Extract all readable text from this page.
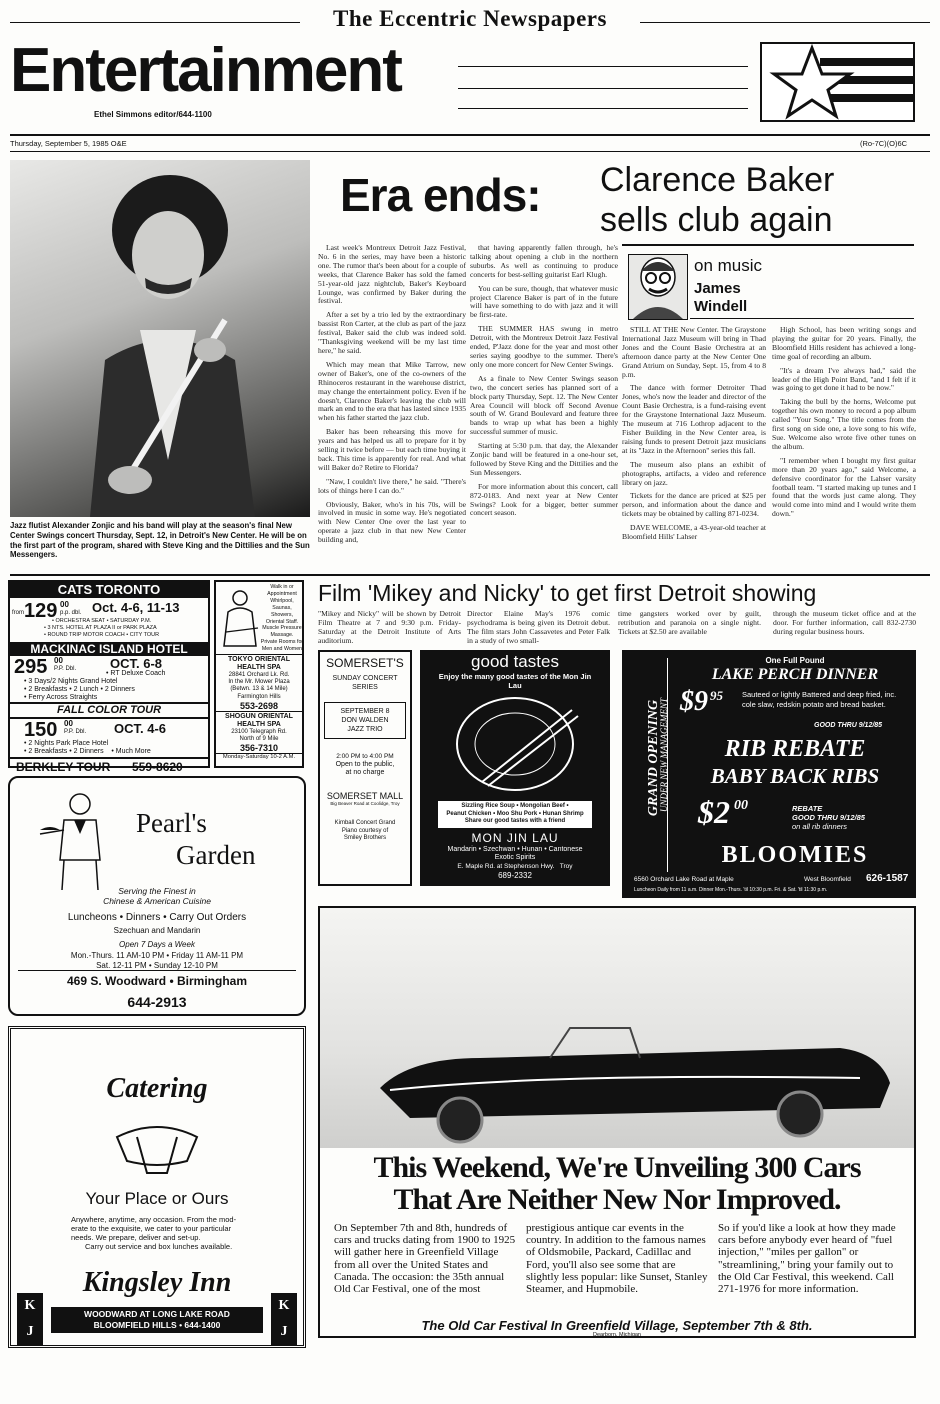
The Eccentric Newspapers
Entertainment
Ethel Simmons editor/644-1100
Thursday, September 5, 1985 O&E	(Ro-7C)(O)6C
Jazz flutist Alexander Zonjic and his band will play at the season's final New Center Swings concert Thursday, Sept. 12, in Detroit's New Center. He will be on the first part of the program, shared with Steve King and the Dittilies and the Sun Messengers.
Era ends: Clarence Baker sells club again

Last week's Montreux Detroit Jazz Festival, No. 6 in the series, may have been a historic one. The rumor that's been about for a couple of weeks, that Clarence Baker has sold the famed 51-year-old jazz nightclub, Baker's Keyboard Lounge, was confirmed by Baker during the festival.

After a set by a trio led by the extraordinary bassist Ron Carter, at the club as part of the jazz festival, Baker said the club was indeed sold. "Thanksgiving weekend will be my last time here," he said.

Which may mean that Mike Tarrow, new owner of Baker's, one of the co-owners of the Rhinoceros restaurant in the warehouse district, may change the entertainment policy. Even if he doesn't, Clarence Baker's leaving the club will mark an end to the era that has lasted since 1935 when his father started the jazz club.

Baker has been rehearsing this move for years and has helped us all to prepare for it by selling it twice before — but each time buying it back. This time is apparently for real. And what will Baker do? Retire to Florida?

"Naw, I couldn't live there," he said. "There's lots of things here I can do."

Obviously, Baker, who's in his 70s, will be involved in music in some way. He's negotiated with New Center One over the last year to operate a jazz club in that new New Center building and,

that having apparently fallen through, he's talking about opening a club in the northern suburbs. As well as continuing to produce concerts for best-selling guitarist Earl Klugh.

You can be sure, though, that whatever music project Clarence Baker is part of in the future will have something to do with jazz and it will be first-rate.

THE SUMMER HAS swung in metro Detroit, with the Montreux Detroit Jazz Festival ended, P'Jazz done for the year and most other series saying goodbye to the summer. There's only one more concert for New Center Swings.

As a finale to New Center Swings season two, the concert series has planned sort of a block party Thursday, Sept. 12. The New Center Area Council will block off Second Avenue south of W. Grand Boulevard and feature three bands to wrap up what has been a highly successful summer of music.

Starting at 5:30 p.m. that day, the Alexander Zonjic band will be featured in a one-hour set, followed by Steve King and the Dittilies and the Sun Messengers.

For more information about this concert, call 872-0183. And next year at New Center Swings? Look for a bigger, better summer concert season.

on music
James
Windell

STILL AT THE New Center. The Graystone International Jazz Museum will bring in Thad Jones and the Count Basie Orchestra at an afternoon dance party at the New Center One Grand Atrium on Sunday, Sept. 15, from 4 to 8 p.m.

The dance with former Detroiter Thad Jones, who's now the leader and director of the Count Basie Orchestra, is a fund-raising event for the Graystone International Jazz Museum. The museum at 716 Lothrop adjacent to the Fisher Building in the New Center area, is raising funds to present Detroit jazz musicians at its "Jazz in the Afternoon" series this fall.

The museum also plans an exhibit of photographs, artifacts, a video and reference library on jazz.

Tickets for the dance are priced at $25 per person, and information about the dance and tickets may be obtained by calling 871-0234.

DAVE WELCOME, a 43-year-old teacher at Bloomfield Hills' Lahser

High School, has been writing songs and playing the guitar for 20 years. Finally, the Bloomfield Hills resident has achieved a long-time goal of recording an album.

"It's a dream I've always had," said the leader of the High Point Band, "and I felt if it was going to get done it had to be now."

Taking the bull by the horns, Welcome put together his own money to record a pop album called "Your Song." The title comes from the first song on side one, a love song to his wife, Sue. Welcome also wrote five other tunes on the album.

"I remember when I bought my first guitar more than 20 years ago," said Welcome, a defensive coordinator for the Lahser varsity football team. "I started making up tunes and I found that the words just came along. They would come into mind and I would write them down."

CATS TORONTO
from 129 00
p.p. dbl. Oct. 4-6, 11-13
• ORCHESTRA SEAT • SATURDAY P.M.
• 3 NTS. HOTEL AT PLAZA II or PARK PLAZA
• ROUND TRIP MOTOR COACH • CITY TOUR
MACKINAC ISLAND HOTEL
295 00
P.P. Dbl.	OCT. 6-8
• RT Deluxe Coach
• 3 Days/2 Nights Grand Hotel
• 2 Breakfasts • 2 Lunch • 2 Dinners
• Ferry Across Straights
FALL COLOR TOUR
150 00
P.P. Dbl. OCT. 4-6
• 2 Nights Park Place Hotel
• 2 Breakfasts • 2 Dinners    • Much More
BERKLEY TOUR 559-8620
Walk in or
Appointment
Whirlpool, Saunas,
Showers,
Oriental Staff.
Muscle Pressure
Massage.
Private Rooms for
Men and Women
TOKYO ORIENTAL HEALTH SPA
28841 Orchard Lk. Rd.
In the Mr. Mower Plaza
(Betwn. 13 & 14 Mile)
Farmington Hills
553-2698
SHOGUN ORIENTAL HEALTH SPA
23100 Telegraph Rd.
North of 9 Mile
356-7310
Monday-Saturday 10-2 A.M.
Film 'Mikey and Nicky' to get first Detroit showing
"Mikey and Nicky" will be shown by Detroit Film Theatre at 7 and 9:30 p.m. Friday-Saturday at the Detroit Institute of Arts auditorium.
Director Elaine May's 1976 comic psychodrama is being given its Detroit debut. The film stars John Cassavetes and Peter Falk in a study of two small-
time gangsters worked over by guilt, retribution and paranoia on a single night. Tickets at $2.50 are available
through the museum ticket office and at the door. For further information, call 832-2730 during regular business hours.
SOMERSET'S
SUNDAY CONCERT
SERIES
SEPTEMBER 8
DON WALDEN
JAZZ TRIO
2:00 PM to 4:00 PM
Open to the public,
at no charge
SOMERSET MALL
Big Beaver Road at Coolidge, Troy
Kimball Concert Grand
Piano courtesy of
Smiley Brothers
good tastes
Enjoy the many good tastes of the Mon Jin Lau
Sizzling Rice Soup • Mongolian Beef •
Peanut Chicken • Moo Shu Pork • Hunan Shrimp
Share our good tastes with a friend
MON JIN LAU
Mandarin • Szechwan • Hunan • Cantonese
Exotic Spirits
E. Maple Rd. at Stephenson Hwy.   Troy
689-2332
GRAND OPENING
UNDER NEW MANAGEMENT
One Full Pound
LAKE PERCH DINNER
$9 95	Sauteed or lightly Battered and deep fried, inc. cole slaw, redskin potato and bread basket.
GOOD THRU 9/12/85
RIB REBATE
BABY BACK RIBS
$2 00	REBATE
GOOD THRU 9/12/85
on all rib dinners
BLOOMIES
6560 Orchard Lake Road at Maple	West Bloomfield 626-1587
Luncheon Daily from 11 a.m. Dinner Mon.-Thurs. 'til 10:30 p.m. Fri. & Sat. 'til 11:30 p.m.
Pearl's
Garden
Serving the Finest in
Chinese & American Cuisine
Luncheons • Dinners • Carry Out Orders
Szechuan and Mandarin
Open 7 Days a Week
Mon.-Thurs. 11 AM-10 PM • Friday 11 AM-11 PM
Sat. 12-11 PM • Sunday 12-10 PM
469 S. Woodward • Birmingham
644-2913
Catering
Your Place or Ours
Anywhere, anytime, any occasion. From the mod-
erate to the exquisite, we cater to your particular
needs. We prepare, deliver and set-up.
Carry out service and box lunches available.
Kingsley Inn
K
J
K
J
WOODWARD AT LONG LAKE ROAD
BLOOMFIELD HILLS • 644-1400
This Weekend, We're Unveiling 300 Cars
That Are Neither New Nor Improved.
On September 7th and 8th, hundreds of cars and trucks dating from 1900 to 1925 will gather here in Greenfield Village from all over the United States and Canada. The occasion: the 35th annual Old Car Festival, one of the most
prestigious antique car events in the country. In addition to the famous names of Oldsmobile, Packard, Cadillac and Ford, you'll also see some that are slightly less popular: like Sunset, Stanley Steamer, and Hupmobile.
So if you'd like a look at how they made cars before anybody ever heard of "fuel injection," "miles per gallon" or "streamlining," bring your family out to the Old Car Festival, this weekend. Call 271-1976 for more information.
The Old Car Festival In Greenfield Village, September 7th & 8th.
Dearborn, Michigan
